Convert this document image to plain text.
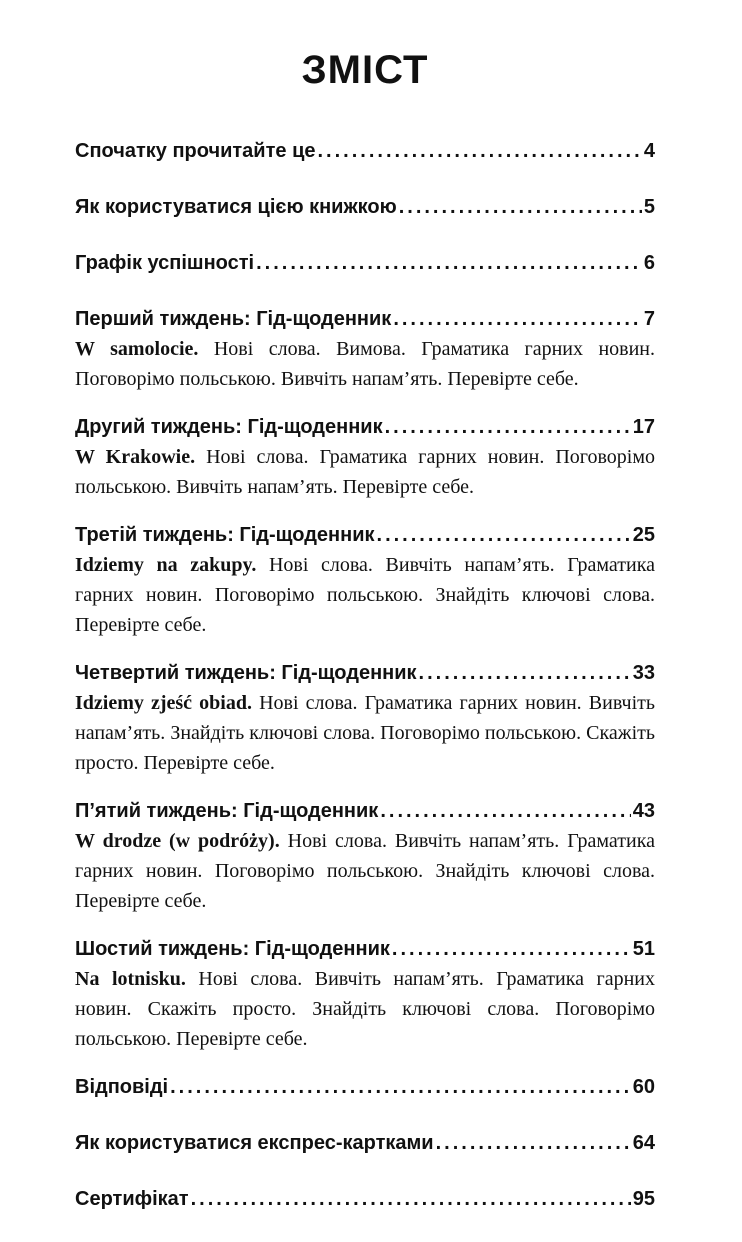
ЗМІСТ
Спочатку прочитайте це .....	4
Як користуватися цією книжкою .....	5
Графік успішності .....	6
Перший тиждень: Гід-щоденник .....	7
W samolocie. Нові слова. Вимова. Граматика гарних новин. Поговорімо польською. Вивчіть напам’ять. Перевірте себе.
Другий тиждень: Гід-щоденник .....	17
W Krakowie. Нові слова. Граматика гарних новин. Поговорімо польською. Вивчіть напам’ять. Перевірте себе.
Третій тиждень: Гід-щоденник .....	25
Idziemy na zakupy. Нові слова. Вивчіть напам’ять. Граматика гарних новин. Поговорімо польською. Знайдіть ключові слова. Перевірте себе.
Четвертий тиждень: Гід-щоденник .....	33
Idziemy zjeść obiad. Нові слова. Граматика гарних новин. Вивчіть напам’ять. Знайдіть ключові слова. Поговорімо польською. Скажіть просто. Перевірте себе.
П’ятий тиждень: Гід-щоденник .....	43
W drodze (w podróży). Нові слова. Вивчіть напам’ять. Граматика гарних новин. Поговорімо польською. Знайдіть ключові слова. Перевірте себе.
Шостий тиждень: Гід-щоденник .....	51
Na lotnisku. Нові слова. Вивчіть напам’ять. Граматика гарних новин. Скажіть просто. Знайдіть ключові слова. Поговорімо польською. Перевірте себе.
Відповіді .....	60
Як користуватися експрес-картками .....	64
Сертифікат .....	95
